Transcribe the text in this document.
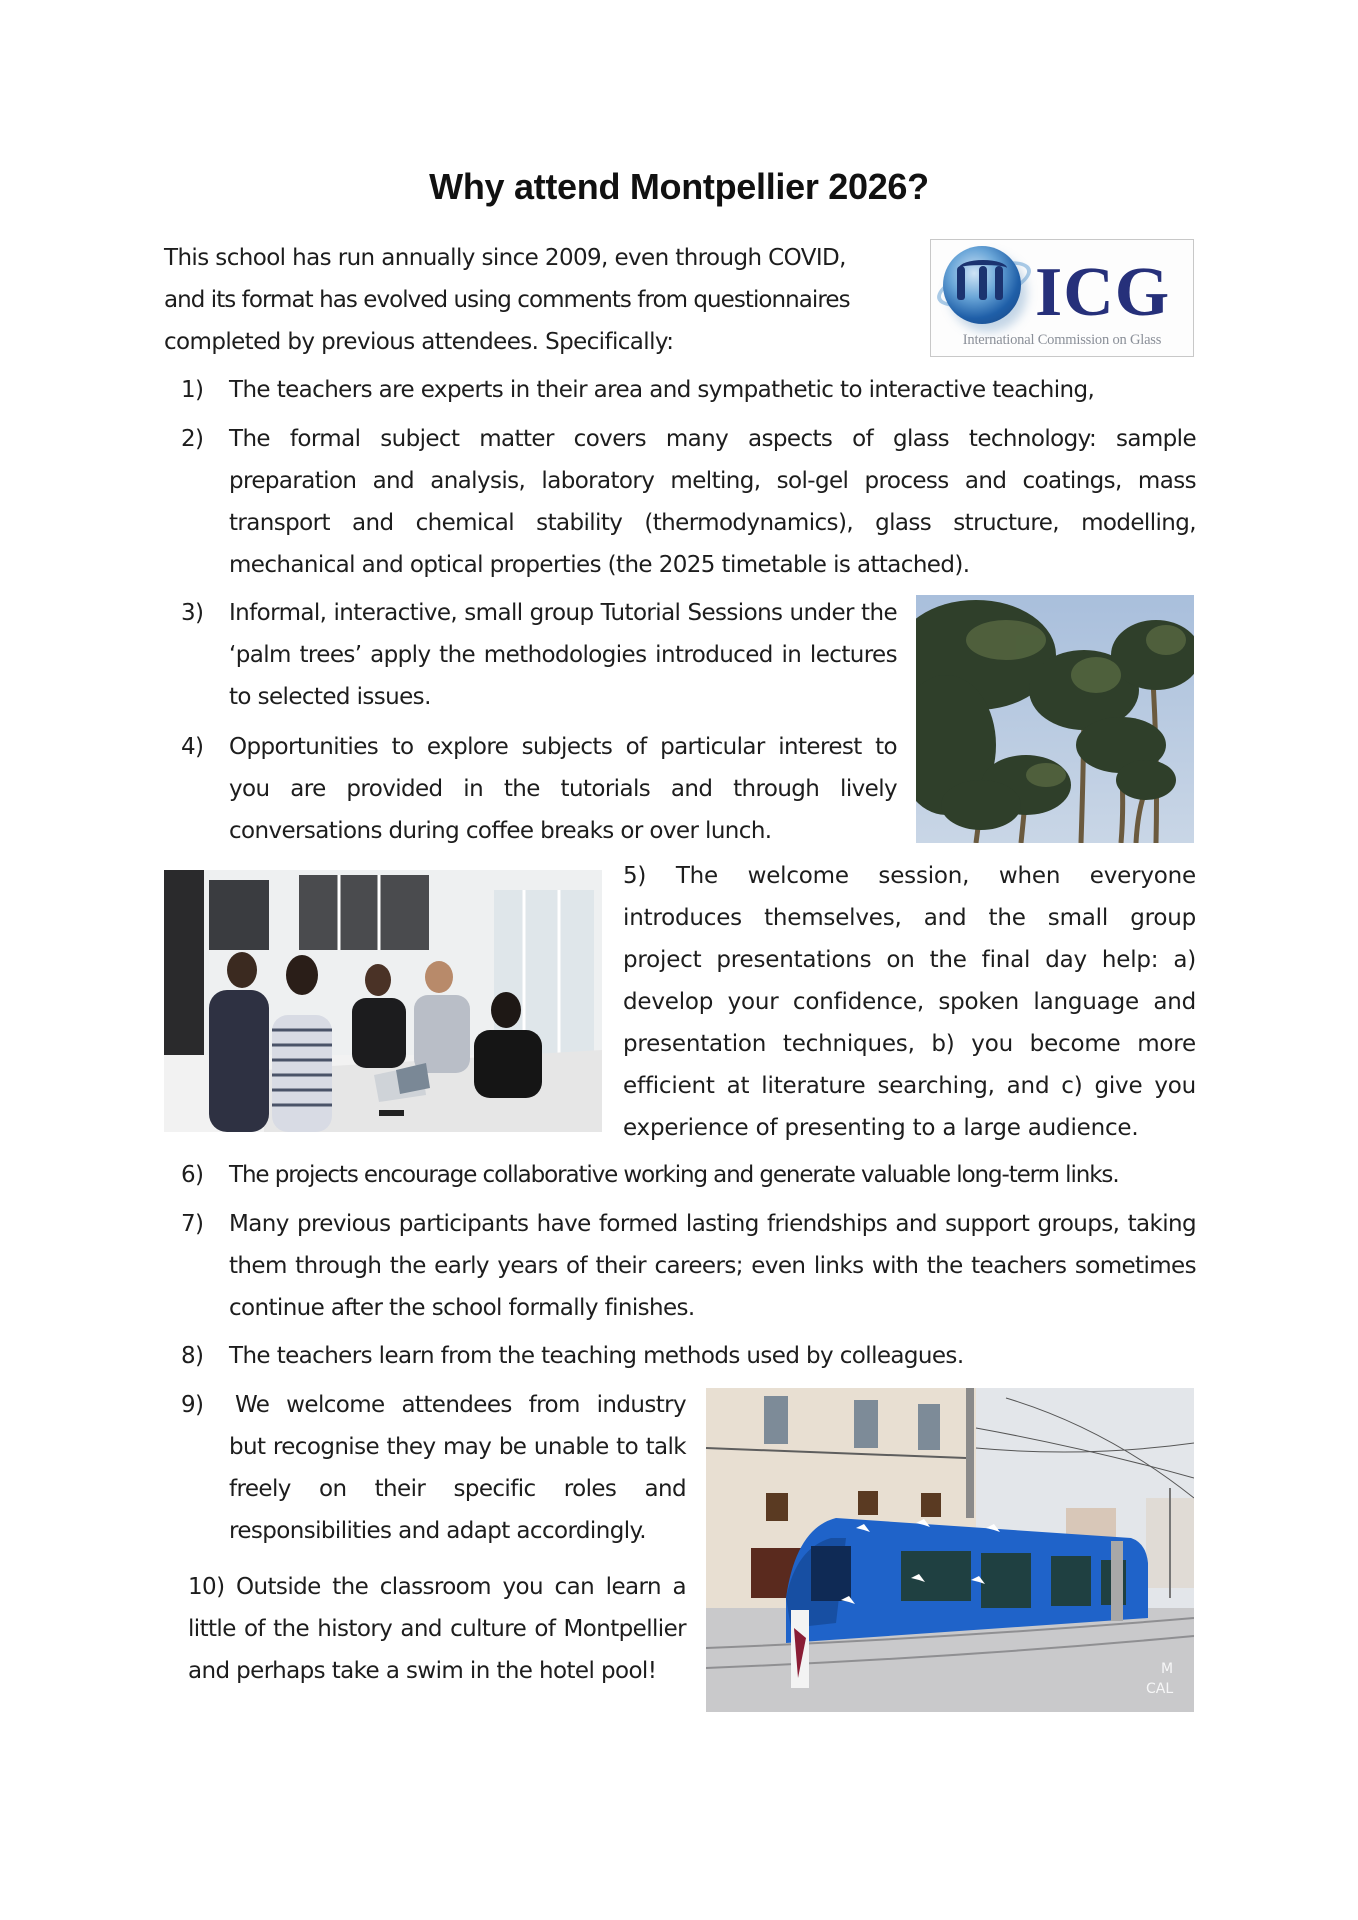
Why attend Montpellier 2026?
This school has run annually since 2009, even through COVID,
and its format has evolved using comments from questionnaires
completed by previous attendees. Specifically:
ICG
International Commission on Glass
1) The teachers are experts in their area and sympathetic to interactive teaching,
2) The formal subject matter covers many aspects of glass technology: sample preparation and analysis, laboratory melting, sol-gel process and coatings, mass transport and chemical stability (thermodynamics), glass structure, modelling, mechanical and optical properties (the 2025 timetable is attached).
3) Informal, interactive, small group Tutorial Sessions under the ‘palm trees’ apply the methodologies introduced in lectures to selected issues.
4) Opportunities to explore subjects of particular interest to you are provided in the tutorials and through lively conversations during coffee breaks or over lunch.
5) The welcome session, when everyone introduces themselves, and the small group project presentations on the final day help: a) develop your confidence, spoken language and presentation techniques, b) you become more efficient at literature searching, and c) give you experience of presenting to a large audience.
6) The projects encourage collaborative working and generate valuable long-term links.
7) Many previous participants have formed lasting friendships and support groups, taking them through the early years of their careers; even links with the teachers sometimes continue after the school formally finishes.
8) The teachers learn from the teaching methods used by colleagues.
9) We welcome attendees from industry but recognise they may be unable to talk freely on their specific roles and responsibilities and adapt accordingly.
10) Outside the classroom you can learn a little of the history and culture of Montpellier and perhaps take a swim in the hotel pool!	M
CAL
